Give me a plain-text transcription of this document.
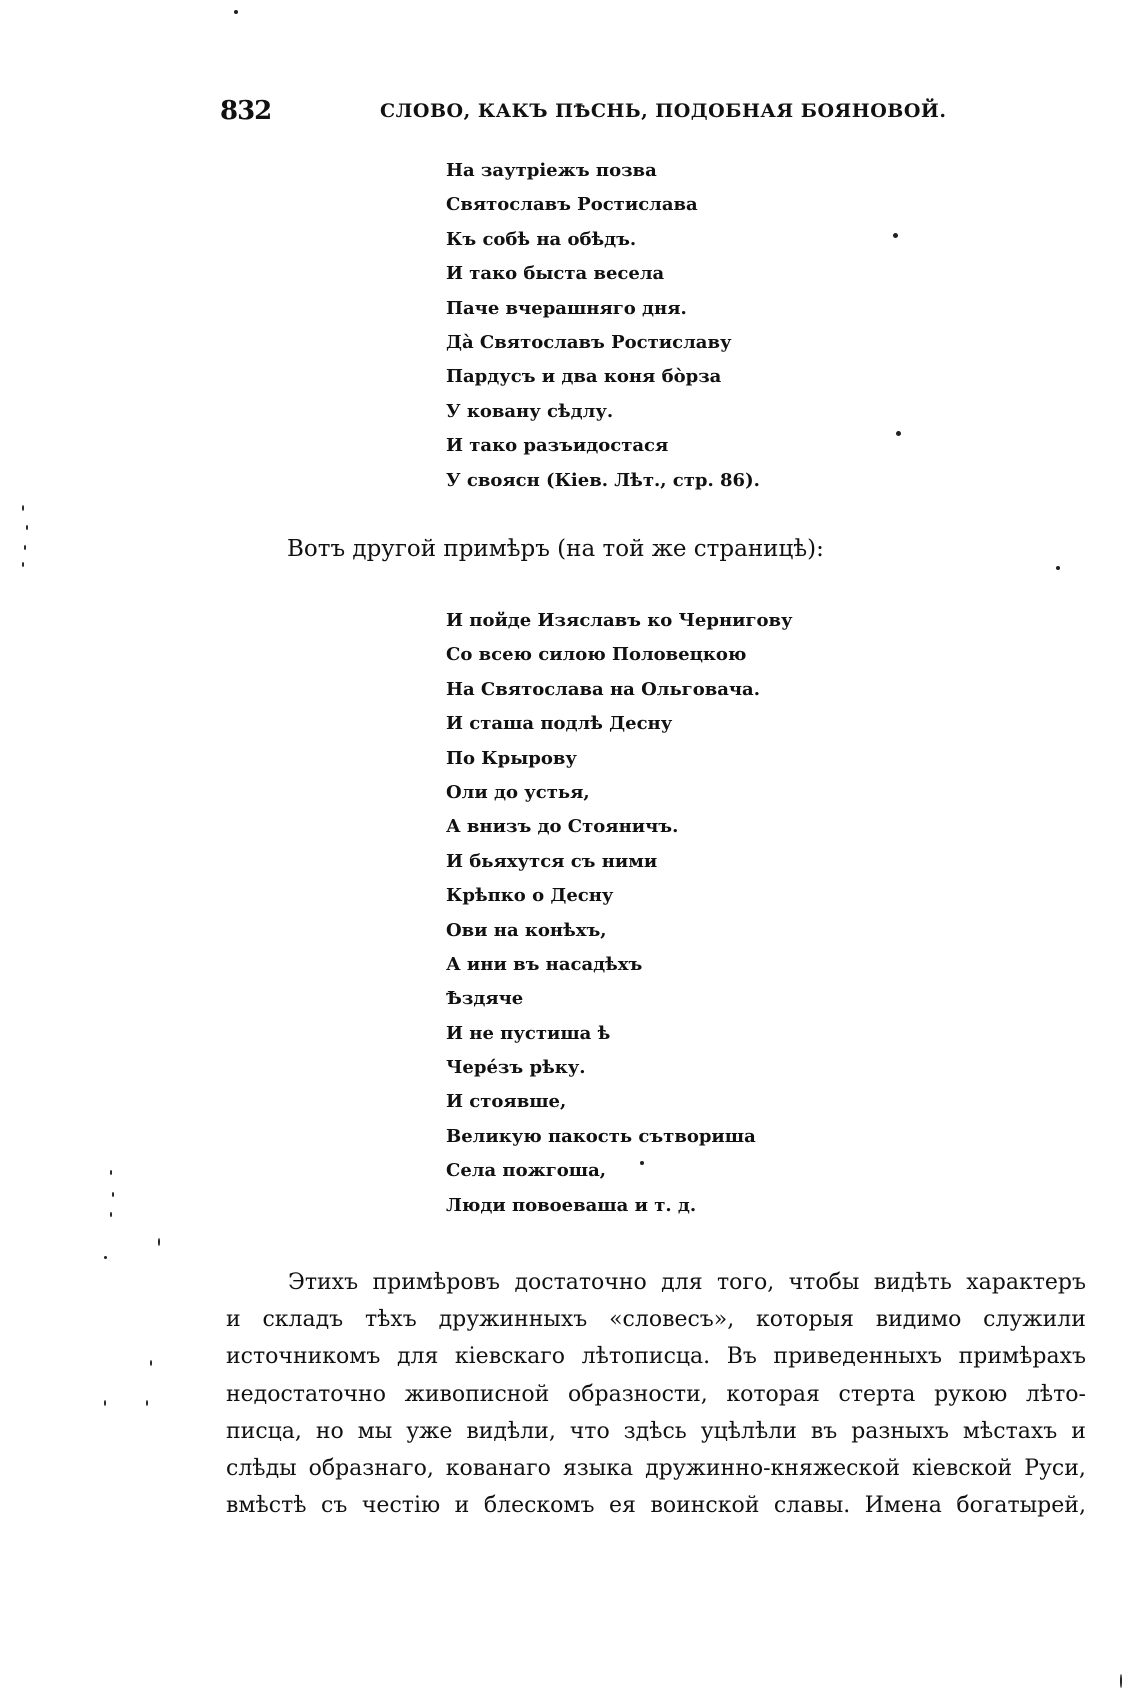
832	СЛОВО, КАКЪ ПѢСНЬ, ПОДОБНАЯ БОЯНОВОЙ.
На заутріежъ позва
Святославъ Ростислава
Къ собѣ на обѣдъ.
И тако быста весела
Паче вчерашняго дня.
Дà Святославъ Ростиславу
Пардусъ и два коня бòрза
У ковану сѣдлу.
И тако разъидостася
У своясн (Кіев. Лѣт., стр. 86).
Вотъ другой примѣръ (на той же страницѣ):
И пойде Изяславъ ко Чернигову
Со всею силою Половецкою
На Святослава на Ольговача.
И сташа подлѣ Десну
По Крырову
Оли до устья,
А внизъ до Стояничъ.
И бьяхутся съ ними
Крѣпко о Десну
Ови на конѣхъ,
А ини въ насадѣхъ
Ѣздяче
И не пустиша ѣ
Черéзъ рѣку.
И стоявше,
Великую пакость сътвориша
Села пожгоша,
Люди повоеваша и т. д.
Этихъ примѣровъ достаточно для того, чтобы видѣть характеръ
и складъ тѣхъ дружинныхъ «словесъ», которыя видимо служили
источникомъ для кіевскаго лѣтописца. Въ приведенныхъ примѣрахъ
недостаточно живописной образности, которая стерта рукою лѣто-
писца, но мы уже видѣли, что здѣсь уцѣлѣли въ разныхъ мѣстахъ и
слѣды образнаго, кованаго языка дружинно-княжеской кіевской Руси,
вмѣстѣ съ честію и блескомъ ея воинской славы. Имена богатырей,
